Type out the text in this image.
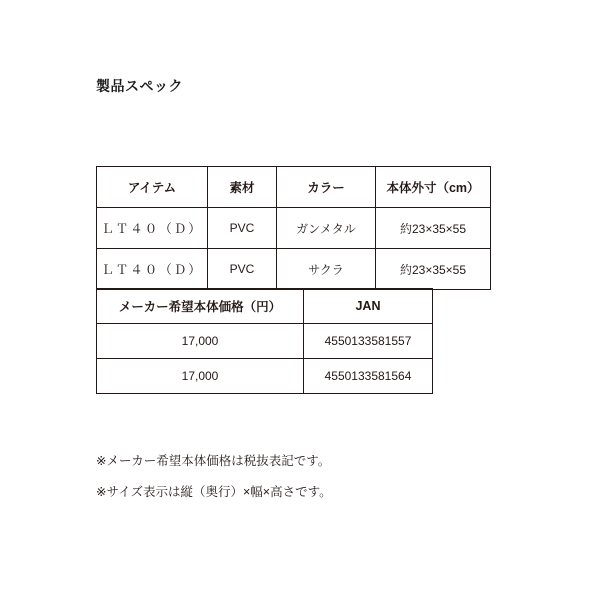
製品スペック
アイテム	素材	カラー	本体外寸（cm）
ＬＴ４０（Ｄ）	PVC	ガンメタル	約23×35×55
ＬＴ４０（Ｄ）	PVC	サクラ	約23×35×55
メーカー希望本体価格（円）	JAN
17,000	4550133581557
17,000	4550133581564
※メーカー希望本体価格は税抜表記です。
※サイズ表示は縦（奥行）×幅×高さです。
